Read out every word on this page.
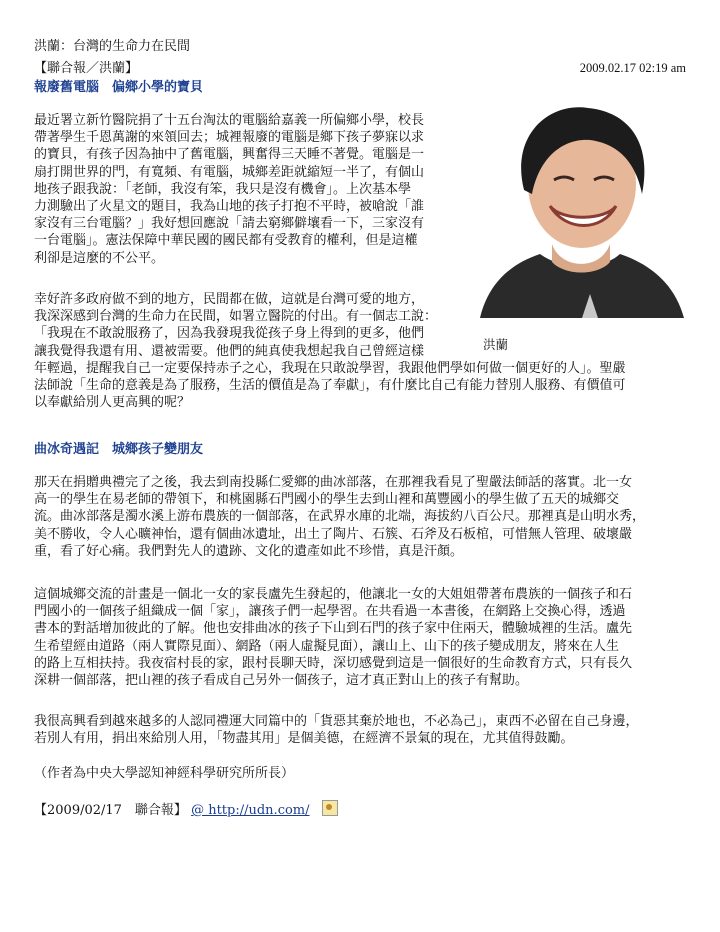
洪蘭：台灣的生命力在民間
【聯合報／洪蘭】	2009.02.17 02:19 am
報廢舊電腦　偏鄉小學的寶貝
最近署立新竹醫院捐了十五台淘汰的電腦給嘉義一所偏鄉小學，校長
帶著學生千恩萬謝的來領回去；城裡報廢的電腦是鄉下孩子夢寐以求
的寶貝，有孩子因為抽中了舊電腦，興奮得三天睡不著覺。電腦是一
扇打開世界的門，有寬頻、有電腦，城鄉差距就縮短一半了，有個山
地孩子跟我說：「老師，我沒有笨，我只是沒有機會」。上次基本學
力測驗出了火星文的題目，我為山地的孩子打抱不平時，被嗆說「誰
家沒有三台電腦？」我好想回應說「請去窮鄉僻壤看一下，三家沒有
一台電腦」。憲法保障中華民國的國民都有受教育的權利，但是這權
利卻是這麼的不公平。
幸好許多政府做不到的地方，民間都在做，這就是台灣可愛的地方，
我深深感到台灣的生命力在民間，如署立醫院的付出。有一個志工說：
「我現在不敢說服務了，因為我發現我從孩子身上得到的更多，他們
讓我覺得我還有用、還被需要。他們的純真使我想起我自己曾經這樣
年輕過，提醒我自己一定要保持赤子之心，我現在只敢說學習，我跟他們學如何做一個更好的人」。聖嚴
法師說「生命的意義是為了服務，生活的價值是為了奉獻」，有什麼比自己有能力替別人服務、有價值可
以奉獻給別人更高興的呢？
洪蘭
曲冰奇遇記　城鄉孩子變朋友
那天在捐贈典禮完了之後，我去到南投縣仁愛鄉的曲冰部落，在那裡我看見了聖嚴法師話的落實。北一女
高一的學生在易老師的帶領下，和桃園縣石門國小的學生去到山裡和萬豐國小的學生做了五天的城鄉交
流。曲冰部落是濁水溪上游布農族的一個部落，在武界水庫的北端，海拔約八百公尺。那裡真是山明水秀，
美不勝收，令人心曠神怡，還有個曲冰遺址，出土了陶片、石簇、石斧及石板棺，可惜無人管理、破壞嚴
重，看了好心痛。我們對先人的遺跡、文化的遺產如此不珍惜，真是汗顏。
這個城鄉交流的計畫是一個北一女的家長盧先生發起的，他讓北一女的大姐姐帶著布農族的一個孩子和石
門國小的一個孩子組織成一個「家」，讓孩子們一起學習。在共看過一本書後，在網路上交換心得，透過
書本的對話增加彼此的了解。他也安排曲冰的孩子下山到石門的孩子家中住兩天，體驗城裡的生活。盧先
生希望經由道路（兩人實際見面）、網路（兩人虛擬見面），讓山上、山下的孩子變成朋友，將來在人生
的路上互相扶持。我夜宿村長的家，跟村長聊天時，深切感覺到這是一個很好的生命教育方式，只有長久
深耕一個部落，把山裡的孩子看成自己另外一個孩子，這才真正對山上的孩子有幫助。
我很高興看到越來越多的人認同禮運大同篇中的「貨惡其棄於地也，不必為己」，東西不必留在自己身邊，
若別人有用，捐出來給別人用，「物盡其用」是個美德，在經濟不景氣的現在，尤其值得鼓勵。
（作者為中央大學認知神經科學研究所所長）
【2009/02/17　聯合報】 @ http://udn.com/
